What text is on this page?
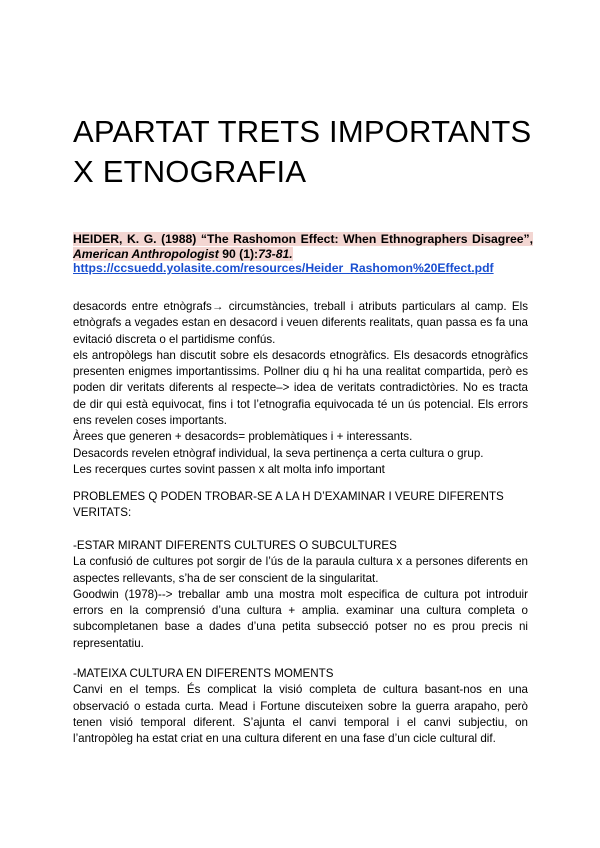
APARTAT TRETS IMPORTANTS
X ETNOGRAFIA
HEIDER, K. G. (1988) “The Rashomon Effect: When Ethnographers Disagree”, American Anthropologist 90 (1):73-81.
https://ccsuedd.yolasite.com/resources/Heider_Rashomon%20Effect.pdf

desacords entre etnògrafs→ circumstàncies, treball i atributs particulars al camp. Els etnògrafs a vegades estan en desacord i veuen diferents realitats, quan passa es fa una evitació discreta o el partidisme confús.

els antropòlegs han discutit sobre els desacords etnogràfics. Els desacords etnogràfics presenten enigmes importantissims. Pollner diu q hi ha una realitat compartida, però es poden dir veritats diferents al respecte–> idea de veritats contradictòries. No es tracta de dir qui està equivocat, fins i tot l’etnografia equivocada té un ús potencial. Els errors ens revelen coses importants.

Àrees que generen + desacords= problemàtiques i + interessants.

Desacords revelen etnògraf individual, la seva pertinença a certa cultura o grup.

Les recerques curtes sovint passen x alt molta info important

PROBLEMES Q PODEN TROBAR-SE A LA H D’EXAMINAR I VEURE DIFERENTS VERITATS:

-ESTAR MIRANT DIFERENTS CULTURES O SUBCULTURES

La confusió de cultures pot sorgir de l’ús de la paraula cultura x a persones diferents en aspectes rellevants, s’ha de ser conscient de la singularitat.

Goodwin (1978)--> treballar amb una mostra molt especifica de cultura pot introduir errors en la comprensió d’una cultura + amplia. examinar una cultura completa o subcompletanen base a dades d’una petita subsecció potser no es prou precis ni representatiu.

-MATEIXA CULTURA EN DIFERENTS MOMENTS

Canvi en el temps. És complicat la visió completa de cultura basant-nos en una observació o estada curta. Mead i Fortune discuteixen sobre la guerra arapaho, però tenen visió temporal diferent. S’ajunta el canvi temporal i el canvi subjectiu, on l’antropòleg ha estat criat en una cultura diferent en una fase d’un cicle cultural dif.
